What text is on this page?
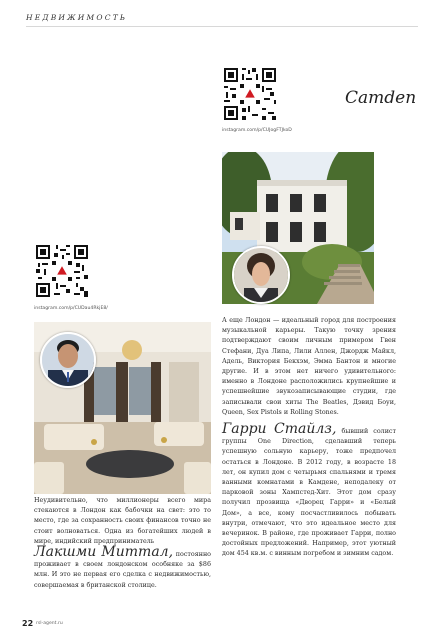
НЕДВИЖИМОСТЬ
instagram.com/p/CUJogFTJkoD
Camden
instagram.com/p/CUDau4RkjE8/

А еще Лондон — идеальный город для построения музыкальной карьеры. Такую точку зрения подтверждают своим личным примером Гвен Стефани, Дуа Липа, Лили Аллен, Джордж Майкл, Адель, Виктория Бекхэм, Эмма Бантон и многие другие. И в этом нет ничего удивительного: именно в Лондоне расположились крупнейшие и успешнейшие звукозаписывающие студии, где записывали свои хиты The Beatles, Дэвид Боуи, Queen, Sex Pistols и Rolling Stones.

Гарри Стайлз, бывший солист группы One Direction, сделавший теперь успешную сольную карьеру, тоже предпочел остаться в Лондоне. В 2012 году, в возрасте 18 лет, он купил дом с четырьмя спальнями и тремя ванными комнатами в Камдене, неподалеку от парковой зоны Хампстед-Хит. Этот дом сразу получил прозвища «Дворец Гарри» и «Белый Дом», а все, кому посчастливилось побывать внутри, отмечают, что это идеальное место для вечеринок. В районе, где проживает Гарри, полно достойных предложений. Например, этот уютный дом 454 кв.м. с винным погребом и зимним садом.

Неудивительно, что миллионеры всего мира стекаются в Лондон как бабочки на свет: это то место, где за сохранность своих финансов точно не стоит волноваться. Одна из богатейших людей в мире, индийский предприниматель

Лакшми Миттал, постоянно проживает в своем лондонском особняке за $86 млн. И это не первая его сделка с недвижимостью, совершаемая в британской столице.

22 rsl-agent.ru
